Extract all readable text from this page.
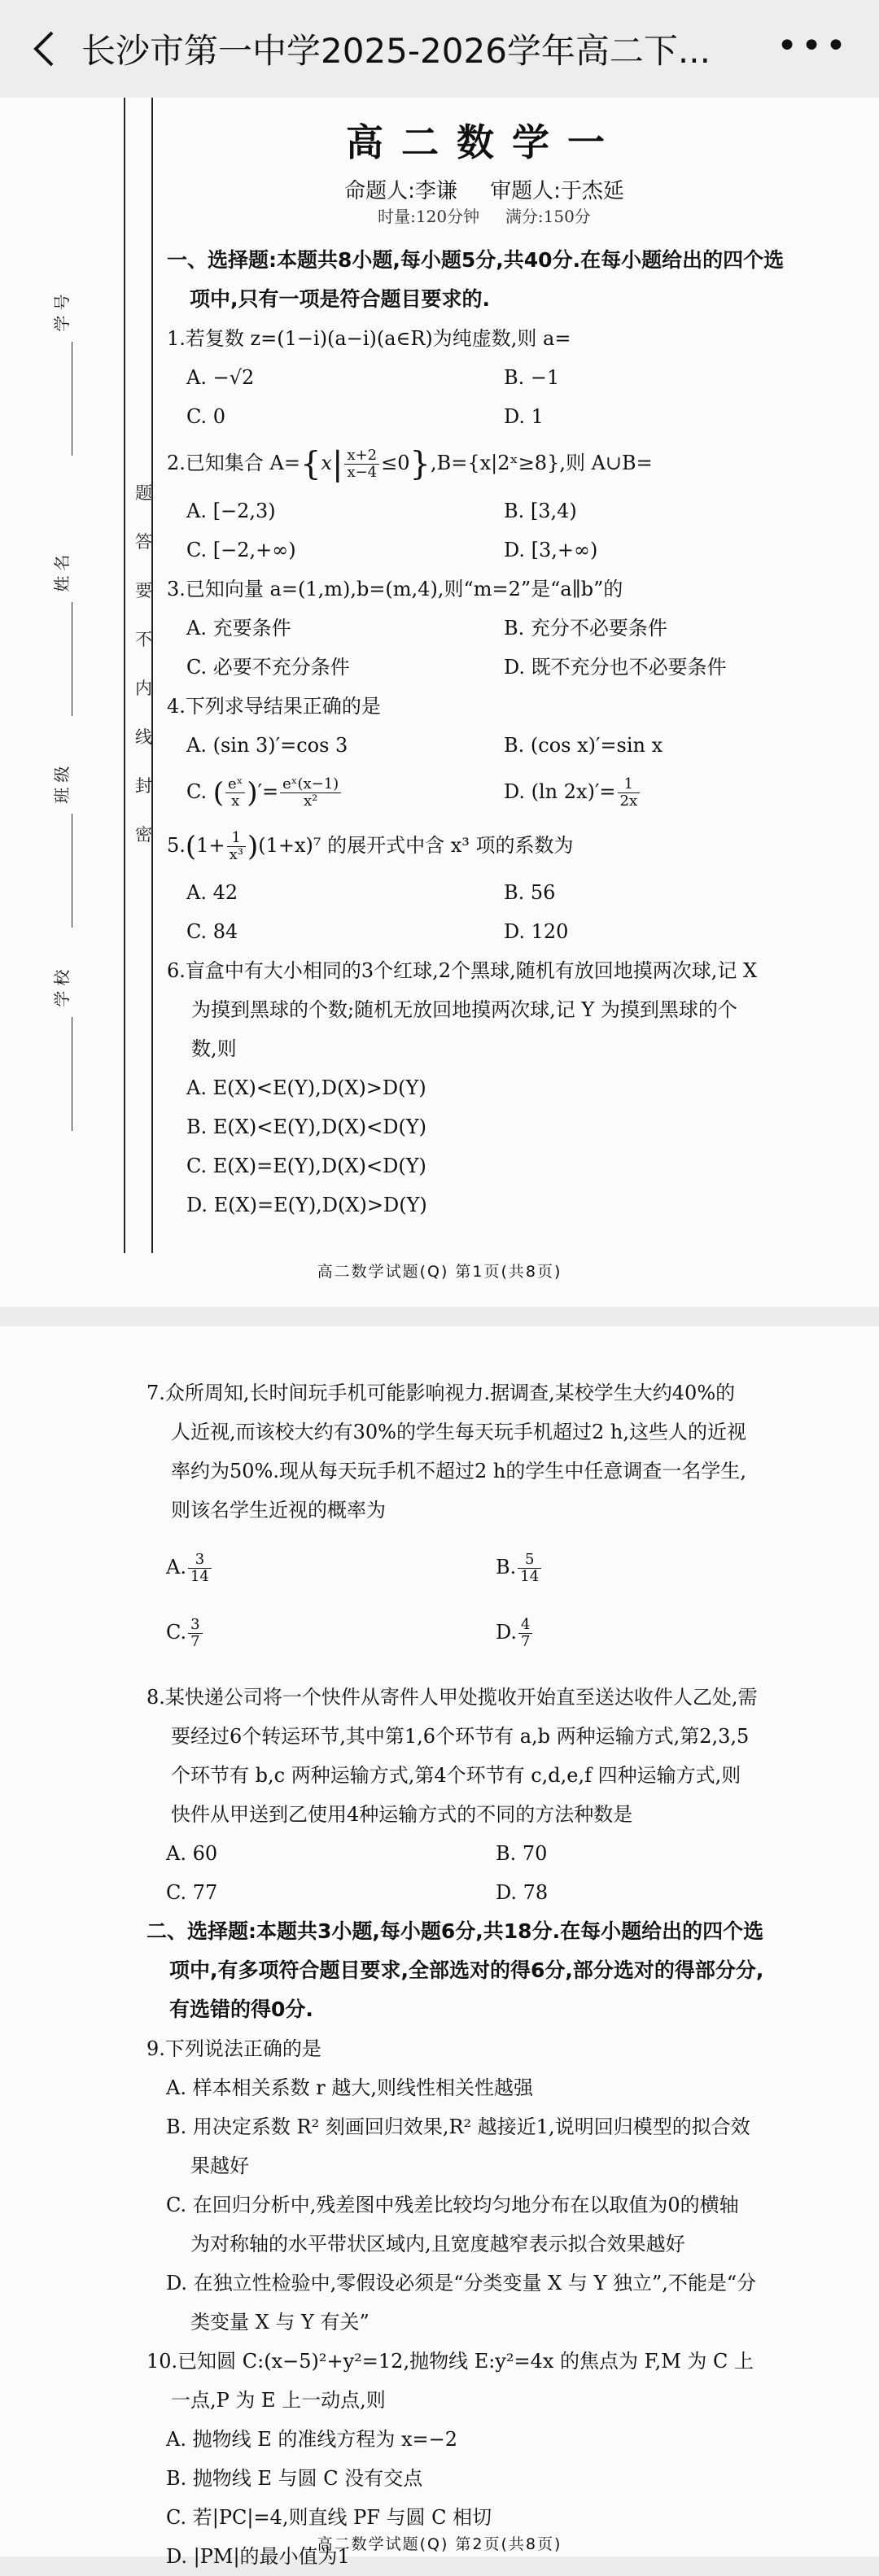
长沙市第一中学2025-2026学年高二下...	•••
学号
姓名
班级
学校
题
答
要
不
内
线
封
密
高二数学一
命题人:李谦 审题人:于杰延
时量:120分钟 满分:150分
一、选择题:本题共8小题,每小题5分,共40分.在每小题给出的四个选
项中,只有一项是符合题目要求的.
1.若复数 z=(1−i)(a−i)(a∈R)为纯虚数,则 a=
A. −√2	B. −1
C. 0	D. 1
2.已知集合 $A=\{x| \frac{x+2}{x-4}$ ≤0},B={x|2ˣ≥8},则 A∪B=
A. [−2,3)	B. [3,4)
C. [−2,+∞)	D. [3,+∞)
3.已知向量 a=(1,m),b=(m,4),则“m=2”是“a∥b”的
A. 充要条件	B. 充分不必要条件
C. 必要不充分条件	D. 既不充分也不必要条件
4.下列求导结果正确的是
A. (sin 3)′=cos 3	B. (cos x)′=sin x
C. ( $\frac{\text{eˣ}}{x}$ )′= $\frac{\text{eˣ(x−1)}}{\text{x²}}$	D. (ln $2x)'= \frac{1}{2x}$
$5.(1+ \frac{1}{\text{x³}} )(1+x)^7$ 的展开式中含 x³ 项的系数为
A. 42	B. 56
C. 84	D. 120
6.盲盒中有大小相同的3个红球,2个黑球,随机有放回地摸两次球,记 X
为摸到黑球的个数;随机无放回地摸两次球,记 Y 为摸到黑球的个
数,则
A. E(X)<E(Y),D(X)>D(Y)
B. E(X)<E(Y),D(X)<D(Y)
C. E(X)=E(Y),D(X)<D(Y)
D. E(X)=E(Y),D(X)>D(Y)
高二数学试题(Q) 第1页(共8页)
7.众所周知,长时间玩手机可能影响视力.据调查,某校学生大约40%的
人近视,而该校大约有30%的学生每天玩手机超过2 h,这些人的近视
率约为50%.现从每天玩手机不超过2 h的学生中任意调查一名学生,
则该名学生近视的概率为
A. $\frac{3}{14}$	B. $\frac{5}{14}$
C. $\frac{3}{7}$	D. $\frac{4}{7}$
8.某快递公司将一个快件从寄件人甲处揽收开始直至送达收件人乙处,需
要经过6个转运环节,其中第1,6个环节有 a,b 两种运输方式,第2,3,5
个环节有 b,c 两种运输方式,第4个环节有 c,d,e,f 四种运输方式,则
快件从甲送到乙使用4种运输方式的不同的方法种数是
A. 60	B. 70
C. 77	D. 78
二、选择题:本题共3小题,每小题6分,共18分.在每小题给出的四个选
项中,有多项符合题目要求,全部选对的得6分,部分选对的得部分分,
有选错的得0分.
9.下列说法正确的是
A. 样本相关系数 r 越大,则线性相关性越强
B. 用决定系数 R² 刻画回归效果,R² 越接近1,说明回归模型的拟合效
果越好
C. 在回归分析中,残差图中残差比较均匀地分布在以取值为0的横轴
为对称轴的水平带状区域内,且宽度越窄表示拟合效果越好
D. 在独立性检验中,零假设必须是“分类变量 X 与 Y 独立”,不能是“分
类变量 X 与 Y 有关”
10.已知圆 C:(x−5)²+y²=12,抛物线 E:y²=4x 的焦点为 F,M 为 C 上
一点,P 为 E 上一动点,则
A. 抛物线 E 的准线方程为 x=−2
B. 抛物线 E 与圆 C 没有交点
C. 若|PC|=4,则直线 PF 与圆 C 相切
D. |PM|的最小值为1
高二数学试题(Q) 第2页(共8页)
